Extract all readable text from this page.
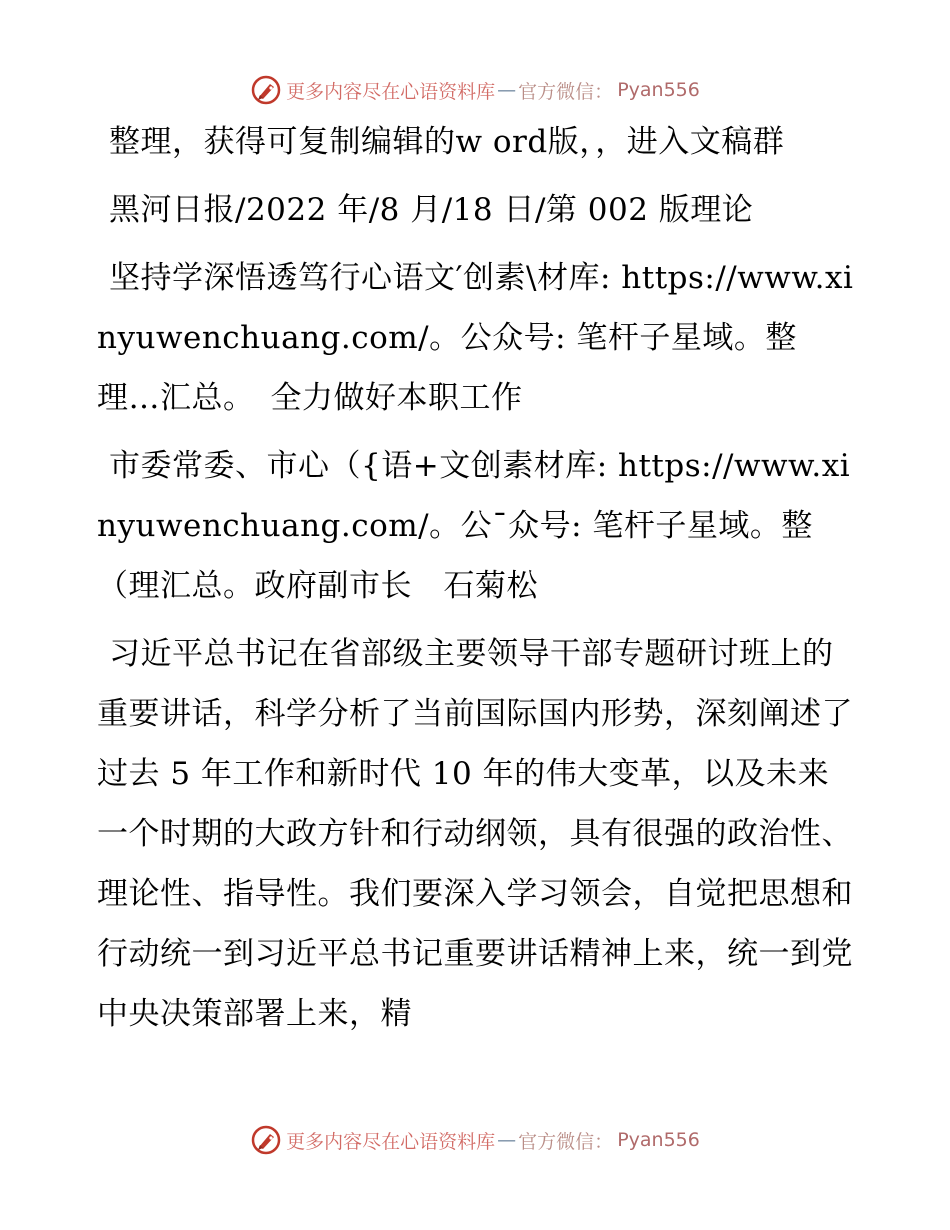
更多内容尽在心语资料库 — 官方微信： Pyan556

整理，获得可复制编辑的w ord版，，进入文稿群

黑河日报/2022 年/8 月/18 日/第 002 版理论

坚持学深悟透笃行心语文′创素\材库: https://www.xinyuwenchuang.com/。公众号: 笔杆子星域。整理…汇总。　全力做好本职工作

市委常委、市心（{语+文创素材库: https://www.xinyuwenchuang.com/。公¯众号: 笔杆子星域。整（理汇总。政府副市长　石菊松

习近平总书记在省部级主要领导干部专题研讨班上的重要讲话，科学分析了当前国际国内形势，深刻阐述了过去 5 年工作和新时代 10 年的伟大变革，以及未来一个时期的大政方针和行动纲领，具有很强的政治性、理论性、指导性。我们要深入学习领会，自觉把思想和行动统一到习近平总书记重要讲话精神上来，统一到党中央决策部署上来，精

更多内容尽在心语资料库 — 官方微信： Pyan556
